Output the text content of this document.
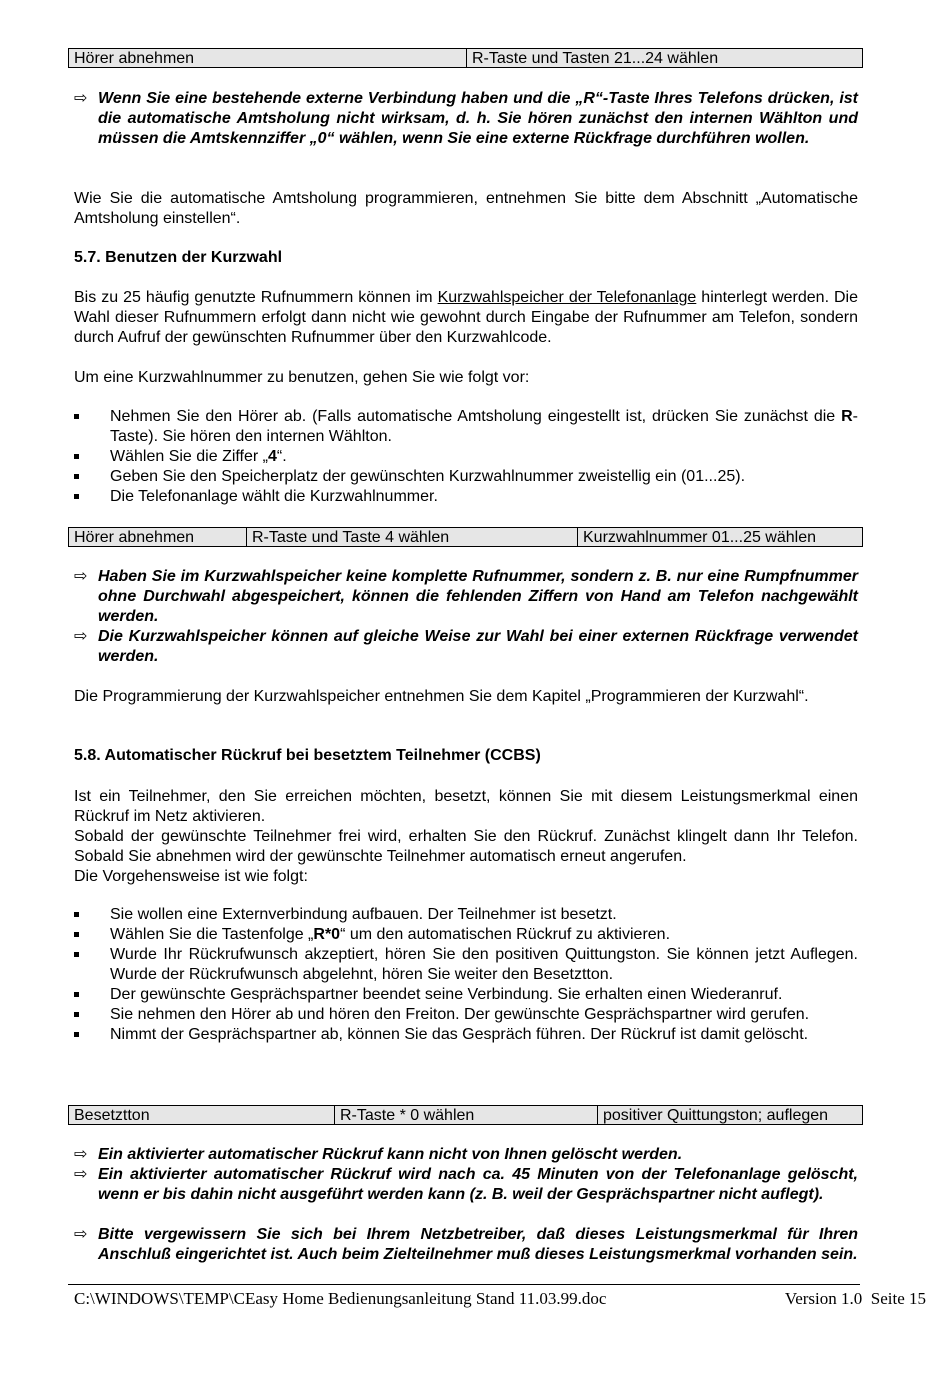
Hörer abnehmen	R-Taste und Tasten 21...24 wählen
⇨ Wenn Sie eine bestehende externe Verbindung haben und die „R“-Taste Ihres Telefons drücken, ist die automatische Amtsholung nicht wirksam, d. h. Sie hören zunächst den internen Wählton und müssen die Amtskennziffer „0“ wählen, wenn Sie eine externe Rückfrage durchführen wollen.
Wie Sie die automatische Amtsholung programmieren, entnehmen Sie bitte dem Abschnitt „Automatische Amtsholung einstellen“.
5.7. Benutzen der Kurzwahl
Bis zu 25 häufig genutzte Rufnummern können im Kurzwahlspeicher der Telefonanlage hinterlegt werden. Die Wahl dieser Rufnummern erfolgt dann nicht wie gewohnt durch Eingabe der Rufnummer am Telefon, sondern durch Aufruf der gewünschten Rufnummer über den Kurzwahlcode.
Um eine Kurzwahlnummer zu benutzen, gehen Sie wie folgt vor:
Nehmen Sie den Hörer ab. (Falls automatische Amtsholung eingestellt ist, drücken Sie zunächst die R-Taste). Sie hören den internen Wählton.
Wählen Sie die Ziffer „4“.
Geben Sie den Speicherplatz der gewünschten Kurzwahlnummer zweistellig ein (01...25).
Die Telefonanlage wählt die Kurzwahlnummer.
Hörer abnehmen	R-Taste und Taste 4 wählen	Kurzwahlnummer 01...25 wählen
⇨ Haben Sie im Kurzwahlspeicher keine komplette Rufnummer, sondern z. B. nur eine Rumpfnummer ohne Durchwahl abgespeichert, können die fehlenden Ziffern von Hand am Telefon nachgewählt werden.
⇨ Die Kurzwahlspeicher können auf gleiche Weise zur Wahl bei einer externen Rückfrage verwendet werden.
Die Programmierung der Kurzwahlspeicher entnehmen Sie dem Kapitel „Programmieren der Kurzwahl“.
5.8. Automatischer Rückruf bei besetztem Teilnehmer (CCBS)
Ist ein Teilnehmer, den Sie erreichen möchten, besetzt, können Sie mit diesem Leistungsmerkmal einen Rückruf im Netz aktivieren.
Sobald der gewünschte Teilnehmer frei wird, erhalten Sie den Rückruf. Zunächst klingelt dann Ihr Telefon. Sobald Sie abnehmen wird der gewünschte Teilnehmer automatisch erneut angerufen.
Die Vorgehensweise ist wie folgt:
Sie wollen eine Externverbindung aufbauen. Der Teilnehmer ist besetzt.
Wählen Sie die Tastenfolge „R*0“ um den automatischen Rückruf zu aktivieren.
Wurde Ihr Rückrufwunsch akzeptiert, hören Sie den positiven Quittungston. Sie können jetzt Auflegen. Wurde der Rückrufwunsch abgelehnt, hören Sie weiter den Besetztton.
Der gewünschte Gesprächspartner beendet seine Verbindung. Sie erhalten einen Wiederanruf.
Sie nehmen den Hörer ab und hören den Freiton. Der gewünschte Gesprächspartner wird gerufen.
Nimmt der Gesprächspartner ab, können Sie das Gespräch führen. Der Rückruf ist damit gelöscht.
Besetztton	R-Taste * 0 wählen	positiver Quittungston; auflegen
⇨ Ein aktivierter automatischer Rückruf kann nicht von Ihnen gelöscht werden.
⇨ Ein aktivierter automatischer Rückruf wird nach ca. 45 Minuten von der Telefonanlage gelöscht, wenn er bis dahin nicht ausgeführt werden kann (z. B. weil der Gesprächspartner nicht auflegt).
⇨ Bitte vergewissern Sie sich bei Ihrem Netzbetreiber, daß dieses Leistungsmerkmal für Ihren Anschluß eingerichtet ist. Auch beim Zielteilnehmer muß dieses Leistungsmerkmal vorhanden sein.
C:\WINDOWS\TEMP\CEasy Home Bedienungsanleitung Stand 11.03.99.doc	Version 1.0  Seite 15
